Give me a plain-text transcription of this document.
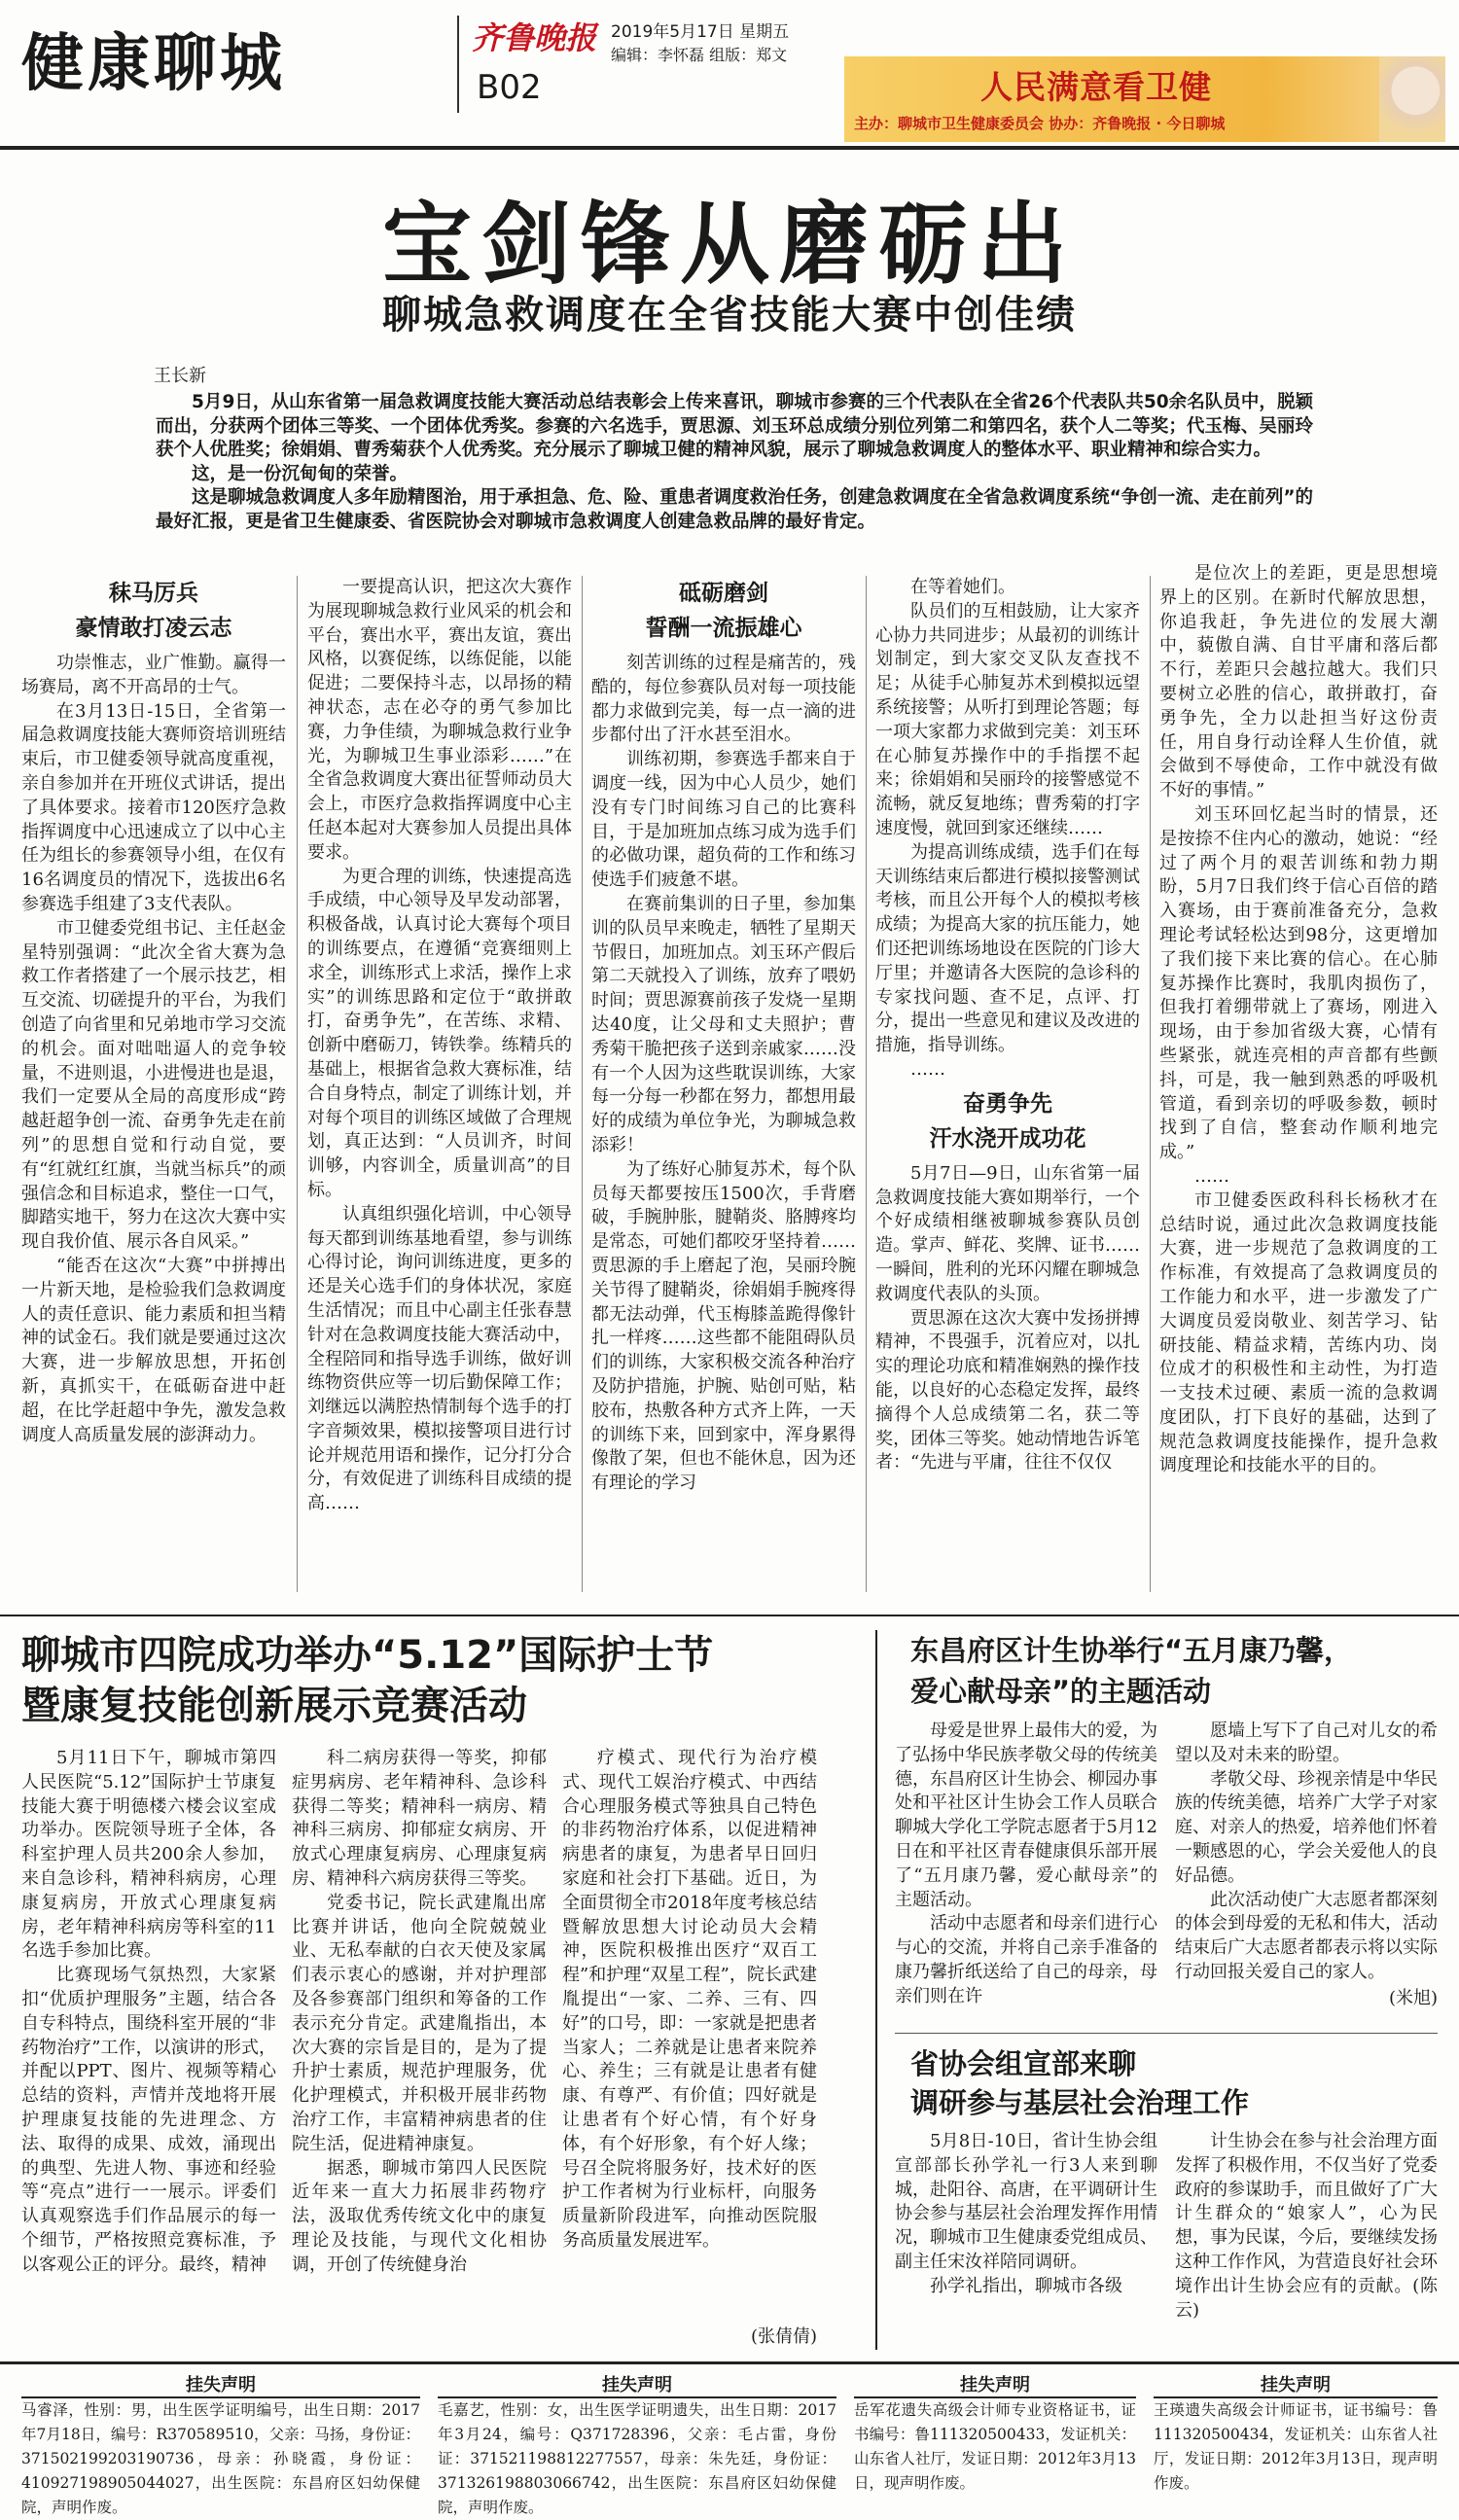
健康聊城	齐鲁晚报
B02
2019年5月17日 星期五
编辑：李怀磊 组版：郑文
人民满意看卫健
主办：聊城市卫生健康委员会 协办：齐鲁晚报 · 今日聊城
宝剑锋从磨砺出
聊城急救调度在全省技能大赛中创佳绩
王长新

5月9日，从山东省第一届急救调度技能大赛活动总结表彰会上传来喜讯，聊城市参赛的三个代表队在全省26个代表队共50余名队员中，脱颖而出，分获两个团体三等奖、一个团体优秀奖。参赛的六名选手，贾思源、刘玉环总成绩分别位列第二和第四名，获个人二等奖；代玉梅、吴丽玲获个人优胜奖；徐娟娟、曹秀菊获个人优秀奖。充分展示了聊城卫健的精神风貌，展示了聊城急救调度人的整体水平、职业精神和综合实力。

这，是一份沉甸甸的荣誉。

这是聊城急救调度人多年励精图治，用于承担急、危、险、重患者调度救治任务，创建急救调度在全省急救调度系统“争创一流、走在前列”的最好汇报，更是省卫生健康委、省医院协会对聊城市急救调度人创建急救品牌的最好肯定。

秣马厉兵
豪情敢打凌云志

功崇惟志，业广惟勤。赢得一场赛局，离不开高昂的士气。

在3月13日-15日，全省第一届急救调度技能大赛师资培训班结束后，市卫健委领导就高度重视，亲自参加并在开班仪式讲话，提出了具体要求。接着市120医疗急救指挥调度中心迅速成立了以中心主任为组长的参赛领导小组，在仅有16名调度员的情况下，选拔出6名参赛选手组建了3支代表队。

市卫健委党组书记、主任赵金星特别强调：“此次全省大赛为急救工作者搭建了一个展示技艺，相互交流、切磋提升的平台，为我们创造了向省里和兄弟地市学习交流的机会。面对咄咄逼人的竞争较量，不进则退，小进慢进也是退，我们一定要从全局的高度形成“跨越赶超争创一流、奋勇争先走在前列”的思想自觉和行动自觉，要有“红就红红旗，当就当标兵”的顽强信念和目标追求，整住一口气，脚踏实地干，努力在这次大赛中实现自我价值、展示各自风采。”

“能否在这次“大赛”中拼搏出一片新天地，是检验我们急救调度人的责任意识、能力素质和担当精神的试金石。我们就是要通过这次大赛，进一步解放思想，开拓创新，真抓实干，在砥砺奋进中赶超，在比学赶超中争先，激发急救调度人高质量发展的澎湃动力。

一要提高认识，把这次大赛作为展现聊城急救行业风采的机会和平台，赛出水平，赛出友谊，赛出风格，以赛促练，以练促能，以能促进；二要保持斗志，以昂扬的精神状态，志在必夺的勇气参加比赛，力争佳绩，为聊城急救行业争光，为聊城卫生事业添彩……”在全省急救调度大赛出征誓师动员大会上，市医疗急救指挥调度中心主任赵本起对大赛参加人员提出具体要求。

为更合理的训练，快速提高选手成绩，中心领导及早发动部署，积极备战，认真讨论大赛每个项目的训练要点，在遵循“竞赛细则上求全，训练形式上求活，操作上求实”的训练思路和定位于“敢拼敢打，奋勇争先”，在苦练、求精、创新中磨砺刀，铸铁拳。练精兵的基础上，根据省急救大赛标准，结合自身特点，制定了训练计划，并对每个项目的训练区域做了合理规划，真正达到：“人员训齐，时间训够，内容训全，质量训高”的目标。

认真组织强化培训，中心领导每天都到训练基地看望，参与训练心得讨论，询问训练进度，更多的还是关心选手们的身体状况，家庭生活情况；而且中心副主任张春慧针对在急救调度技能大赛活动中，全程陪同和指导选手训练，做好训练物资供应等一切后勤保障工作；刘继远以满腔热情制每个选手的打字音频效果，模拟接警项目进行讨论并规范用语和操作，记分打分合分，有效促进了训练科目成绩的提高……

砥砺磨剑
誓酬一流振雄心

刻苦训练的过程是痛苦的，残酷的，每位参赛队员对每一项技能都力求做到完美，每一点一滴的进步都付出了汗水甚至泪水。

训练初期，参赛选手都来自于调度一线，因为中心人员少，她们没有专门时间练习自己的比赛科目，于是加班加点练习成为选手们的必做功课，超负荷的工作和练习使选手们疲惫不堪。

在赛前集训的日子里，参加集训的队员早来晚走，牺牲了星期天节假日，加班加点。刘玉环产假后第二天就投入了训练，放弃了喂奶时间；贾思源赛前孩子发烧一星期达40度，让父母和丈夫照护；曹秀菊干脆把孩子送到亲戚家……没有一个人因为这些耽误训练，大家每一分每一秒都在努力，都想用最好的成绩为单位争光，为聊城急救添彩！

为了练好心肺复苏术，每个队员每天都要按压1500次，手背磨破，手腕肿胀，腱鞘炎、胳膊疼均是常态，可她们都咬牙坚持着……贾思源的手上磨起了泡，吴丽玲腕关节得了腱鞘炎，徐娟娟手腕疼得都无法动弹，代玉梅膝盖跪得像针扎一样疼……这些都不能阻碍队员们的训练，大家积极交流各种治疗及防护措施，护腕、贴创可贴，粘胶布，热敷各种方式齐上阵，一天的训练下来，回到家中，浑身累得像散了架，但也不能休息，因为还有理论的学习

在等着她们。

队员们的互相鼓励，让大家齐心协力共同进步；从最初的训练计划制定，到大家交叉队友查找不足；从徒手心肺复苏术到模拟远望系统接警；从听打到理论答题；每一项大家都力求做到完美：刘玉环在心肺复苏操作中的手指摆不起来；徐娟娟和吴丽玲的接警感觉不流畅，就反复地练；曹秀菊的打字速度慢，就回到家还继续……

为提高训练成绩，选手们在每天训练结束后都进行模拟接警测试考核，而且公开每个人的模拟考核成绩；为提高大家的抗压能力，她们还把训练场地设在医院的门诊大厅里；并邀请各大医院的急诊科的专家找问题、查不足，点评、打分，提出一些意见和建议及改进的措施，指导训练。

……

奋勇争先
汗水浇开成功花

5月7日—9日，山东省第一届急救调度技能大赛如期举行，一个个好成绩相继被聊城参赛队员创造。掌声、鲜花、奖牌、证书……一瞬间，胜利的光环闪耀在聊城急救调度代表队的头顶。

贾思源在这次大赛中发扬拼搏精神，不畏强手，沉着应对，以扎实的理论功底和精准娴熟的操作技能，以良好的心态稳定发挥，最终摘得个人总成绩第二名，获二等奖，团体三等奖。她动情地告诉笔者：“先进与平庸，往往不仅仅

是位次上的差距，更是思想境界上的区别。在新时代解放思想，你追我赶，争先进位的发展大潮中，藐傲自满、自甘平庸和落后都不行，差距只会越拉越大。我们只要树立必胜的信心，敢拼敢打，奋勇争先，全力以赴担当好这份责任，用自身行动诠释人生价值，就会做到不辱使命，工作中就没有做不好的事情。”

刘玉环回忆起当时的情景，还是按捺不住内心的激动，她说：“经过了两个月的艰苦训练和勃力期盼，5月7日我们终于信心百倍的踏入赛场，由于赛前准备充分，急救理论考试轻松达到98分，这更增加了我们接下来比赛的信心。在心肺复苏操作比赛时，我肌肉损伤了，但我打着绷带就上了赛场，刚进入现场，由于参加省级大赛，心情有些紧张，就连亮相的声音都有些颤抖，可是，我一触到熟悉的呼吸机管道，看到亲切的呼吸参数，顿时找到了自信，整套动作顺利地完成。”

……

市卫健委医政科科长杨秋才在总结时说，通过此次急救调度技能大赛，进一步规范了急救调度的工作标准，有效提高了急救调度员的工作能力和水平，进一步激发了广大调度员爱岗敬业、刻苦学习、钻研技能、精益求精，苦练内功、岗位成才的积极性和主动性，为打造一支技术过硬、素质一流的急救调度团队，打下良好的基础，达到了规范急救调度技能操作，提升急救调度理论和技能水平的目的。

聊城市四院成功举办“5.12”国际护士节
暨康复技能创新展示竞赛活动

5月11日下午，聊城市第四人民医院“5.12”国际护士节康复技能大赛于明德楼六楼会议室成功举办。医院领导班子全体，各科室护理人员共200余人参加，来自急诊科，精神科病房，心理康复病房，开放式心理康复病房，老年精神科病房等科室的11名选手参加比赛。

比赛现场气氛热烈，大家紧扣“优质护理服务”主题，结合各自专科特点，围绕科室开展的“非药物治疗”工作，以演讲的形式，并配以PPT、图片、视频等精心总结的资料，声情并茂地将开展护理康复技能的先进理念、方法、取得的成果、成效，涌现出的典型、先进人物、事迹和经验等“亮点”进行一一展示。评委们认真观察选手们作品展示的每一个细节，严格按照竞赛标准，予以客观公正的评分。最终，精神

科二病房获得一等奖，抑郁症男病房、老年精神科、急诊科获得二等奖；精神科一病房、精神科三病房、抑郁症女病房、开放式心理康复病房、心理康复病房、精神科六病房获得三等奖。

党委书记，院长武建胤出席比赛并讲话，他向全院兢兢业业、无私奉献的白衣天使及家属们表示衷心的感谢，并对护理部及各参赛部门组织和筹备的工作表示充分肯定。武建胤指出，本次大赛的宗旨是目的，是为了提升护士素质，规范护理服务，优化护理模式，并积极开展非药物治疗工作，丰富精神病患者的住院生活，促进精神康复。

据悉，聊城市第四人民医院近年来一直大力拓展非药物疗法，汲取优秀传统文化中的康复理论及技能，与现代文化相协调，开创了传统健身治

疗模式、现代行为治疗模式、现代工娱治疗模式、中西结合心理服务模式等独具自己特色的非药物治疗体系，以促进精神病患者的康复，为患者早日回归家庭和社会打下基础。近日，为全面贯彻全市2018年度考核总结暨解放思想大讨论动员大会精神，医院积极推出医疗“双百工程”和护理“双星工程”，院长武建胤提出“一家、二养、三有、四好”的口号，即：一家就是把患者当家人；二养就是让患者来院养心、养生；三有就是让患者有健康、有尊严、有价值；四好就是让患者有个好心情，有个好身体，有个好形象，有个好人缘；号召全院将服务好，技术好的医护工作者树为行业标杆，向服务质量新阶段进军，向推动医院服务高质量发展进军。

(张倩倩)
东昌府区计生协举行“五月康乃馨，
爱心献母亲”的主题活动

母爱是世界上最伟大的爱，为了弘扬中华民族孝敬父母的传统美德，东昌府区计生协会、柳园办事处和平社区计生协会工作人员联合聊城大学化工学院志愿者于5月12日在和平社区青春健康俱乐部开展了“五月康乃馨，爱心献母亲”的主题活动。

活动中志愿者和母亲们进行心与心的交流，并将自己亲手准备的康乃馨折纸送给了自己的母亲，母亲们则在许

愿墙上写下了自己对儿女的希望以及对未来的盼望。

孝敬父母、珍视亲情是中华民族的传统美德，培养广大学子对家庭、对亲人的热爱，培养他们怀着一颗感恩的心，学会关爱他人的良好品德。

此次活动使广大志愿者都深刻的体会到母爱的无私和伟大，活动结束后广大志愿者都表示将以实际行动回报关爱自己的家人。

(米旭)
省协会组宣部来聊
调研参与基层社会治理工作

5月8日-10日，省计生协会组宣部部长孙学礼一行3人来到聊城，赴阳谷、高唐，在平调研计生协会参与基层社会治理发挥作用情况，聊城市卫生健康委党组成员、副主任宋汝祥陪同调研。

孙学礼指出，聊城市各级

计生协会在参与社会治理方面发挥了积极作用，不仅当好了党委政府的参谋助手，而且做好了广大计生群众的“娘家人”，心为民想，事为民谋，今后，要继续发扬这种工作作风，为营造良好社会环境作出计生协会应有的贡献。(陈云)

挂失声明
马睿泽，性别：男，出生医学证明编号，出生日期：2017年7月18日，编号：R370589510，父亲：马扬，身份证：371502199203190736，母亲：孙晓霞，身份证：410927198905044027，出生医院：东昌府区妇幼保健院，声明作废。
挂失声明
毛嘉艺，性别：女，出生医学证明遗失，出生日期：2017年3月24，编号：Q371728396，父亲：毛占雷，身份证：371521198812277557，母亲：朱先廷，身份证：371326198803066742，出生医院：东昌府区妇幼保健院，声明作废。
挂失声明
岳军花遗失高级会计师专业资格证书，证书编号：鲁111320500433，发证机关：山东省人社厅，发证日期：2012年3月13日，现声明作废。
挂失声明
王瑛遗失高级会计师证书，证书编号：鲁111320500434，发证机关：山东省人社厅，发证日期：2012年3月13日，现声明作废。
